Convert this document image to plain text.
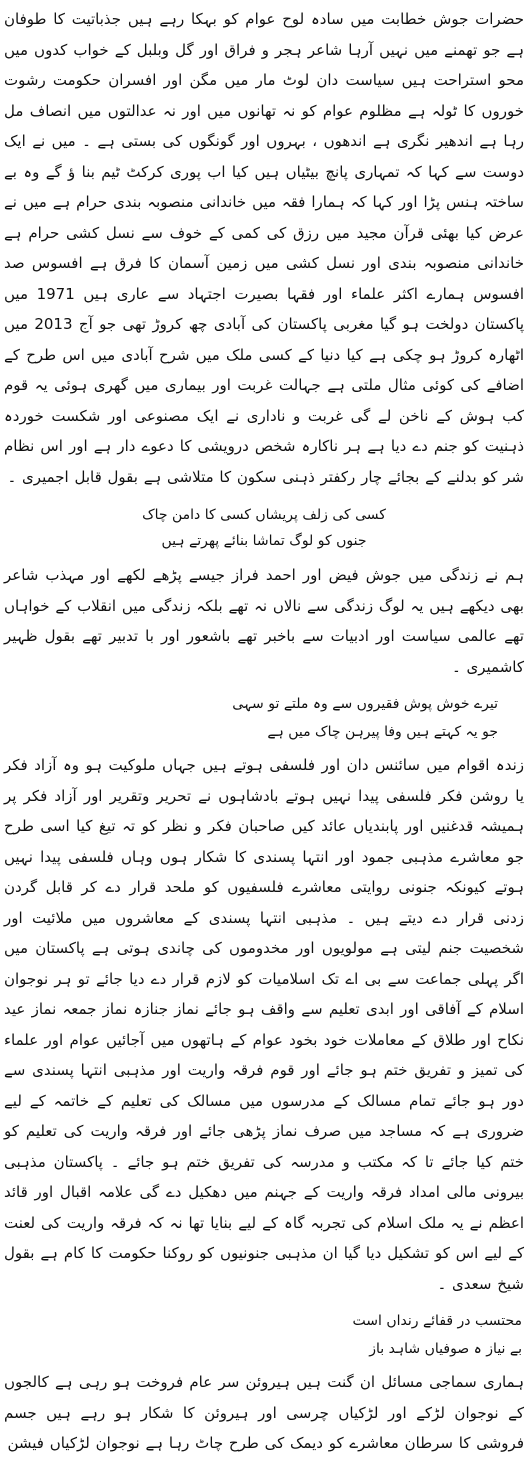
حضرات جوش خطابت میں سادہ لوح عوام کو بہکا رہے ہیں جذباتیت کا طوفان ہے جو تھمنے میں نہیں آرہا شاعر ہجر و فراق اور گل وبلبل کے خواب کدوں میں محو استراحت ہیں سیاست دان لوٹ مار میں مگن اور افسران حکومت رشوت خوروں کا ٹولہ ہے مظلوم عوام کو نہ تھانوں میں اور نہ عدالتوں میں انصاف مل رہا ہے اندھیر نگری ہے اندھوں ، بہروں اور گونگوں کی بستی ہے ۔ میں نے ایک دوست سے کہا کہ تمہاری پانچ بیٹیاں ہیں کیا اب پوری کرکٹ ٹیم بنا ؤ گے وہ بے ساختہ ہنس پڑا اور کہا کہ ہمارا فقہ میں خاندانی منصوبہ بندی حرام ہے میں نے عرض کیا بھئی قرآن مجید میں رزق کی کمی کے خوف سے نسل کشی حرام ہے خاندانی منصوبہ بندی اور نسل کشی میں زمین آسمان کا فرق ہے افسوس صد افسوس ہمارے اکثر علماء اور فقہا بصیرت اجتہاد سے عاری ہیں 1971 میں پاکستان دولخت ہو گیا مغربی پاکستان کی آبادی چھ کروڑ تھی جو آج 2013 میں اٹھارہ کروڑ ہو چکی ہے کیا دنیا کے کسی ملک میں شرح آبادی میں اس طرح کے اضافے کی کوئی مثال ملتی ہے جہالت غربت اور بیماری میں گھری ہوئی یہ قوم کب ہوش کے ناخن لے گی غربت و ناداری نے ایک مصنوعی اور شکست خوردہ ذہنیت کو جنم دے دیا ہے ہر ناکارہ شخص درویشی کا دعوے دار ہے اور اس نظام شر کو بدلنے کے بجائے چار رکفتر ذہنی سکون کا متلاشی ہے بقول قابل اجمیری ۔

کسی کی زلف پریشاں کسی کا دامن چاک

جنوں کو لوگ تماشا بنائے پھرتے ہیں

ہم نے زندگی میں جوش فیض اور احمد فراز جیسے پڑھے لکھے اور مہذب شاعر بھی دیکھے ہیں یہ لوگ زندگی سے نالاں نہ تھے بلکہ زندگی میں انقلاب کے خواہاں تھے عالمی سیاست اور ادبیات سے باخبر تھے باشعور اور با تدبیر تھے بقول ظہیر کاشمیری ۔

تیرے خوش پوش فقیروں سے وہ ملتے تو سہی

جو یہ کہتے ہیں وفا پیرہن چاک میں ہے

زندہ اقوام میں سائنس دان اور فلسفی ہوتے ہیں جہاں ملوکیت ہو وہ آزاد فکر یا روشن فکر فلسفی پیدا نہیں ہوتے بادشاہوں نے تحریر وتقریر اور آزاد فکر پر ہمیشہ قدغنیں اور پابندیاں عائد کیں صاحبان فکر و نظر کو تہ تیغ کیا اسی طرح جو معاشرے مذہبی جمود اور انتہا پسندی کا شکار ہوں وہاں فلسفی پیدا نہیں ہوتے کیونکہ جنونی روایتی معاشرے فلسفیوں کو ملحد قرار دے کر قابل گردن زدنی قرار دے دیتے ہیں ۔ مذہبی انتہا پسندی کے معاشروں میں ملائیت اور شخصیت جنم لیتی ہے مولویوں اور مخدوموں کی چاندی ہوتی ہے پاکستان میں اگر پہلی جماعت سے بی اے تک اسلامیات کو لازم قرار دے دیا جائے تو ہر نوجوان اسلام کے آفاقی اور ابدی تعلیم سے واقف ہو جائے نماز جنازہ نماز جمعہ نماز عید نکاح اور طلاق کے معاملات خود بخود عوام کے ہاتھوں میں آجائیں عوام اور علماء کی تمیز و تفریق ختم ہو جائے اور قوم فرقہ واریت اور مذہبی انتہا پسندی سے دور ہو جائے تمام مسالک کے مدرسوں میں مسالک کی تعلیم کے خاتمہ کے لیے ضروری ہے کہ مساجد میں صرف نماز پڑھی جائے اور فرقہ واریت کی تعلیم کو ختم کیا جائے تا کہ مکتب و مدرسہ کی تفریق ختم ہو جائے ۔ پاکستان مذہبی بیرونی مالی امداد فرقہ واریت کے جہنم میں دھکیل دے گی علامہ اقبال اور قائد اعظم نے یہ ملک اسلام کی تجربہ گاہ کے لیے بنایا تھا نہ کہ فرقہ واریت کی لعنت کے لیے اس کو تشکیل دیا گیا ان مذہبی جنونیوں کو روکنا حکومت کا کام ہے بقول شیخ سعدی ۔

محتسب در قفائے رنداں است

بے نیاز ہ صوفیاں شاہد باز

ہماری سماجی مسائل ان گنت ہیں ہیروئن سر عام فروخت ہو رہی ہے کالجوں کے نوجوان لڑکے اور لڑکیاں چرسی اور ہیروئن کا شکار ہو رہے ہیں جسم فروشی کا سرطان معاشرے کو دیمک کی طرح چاٹ رہا ہے نوجوان لڑکیاں فیشن
